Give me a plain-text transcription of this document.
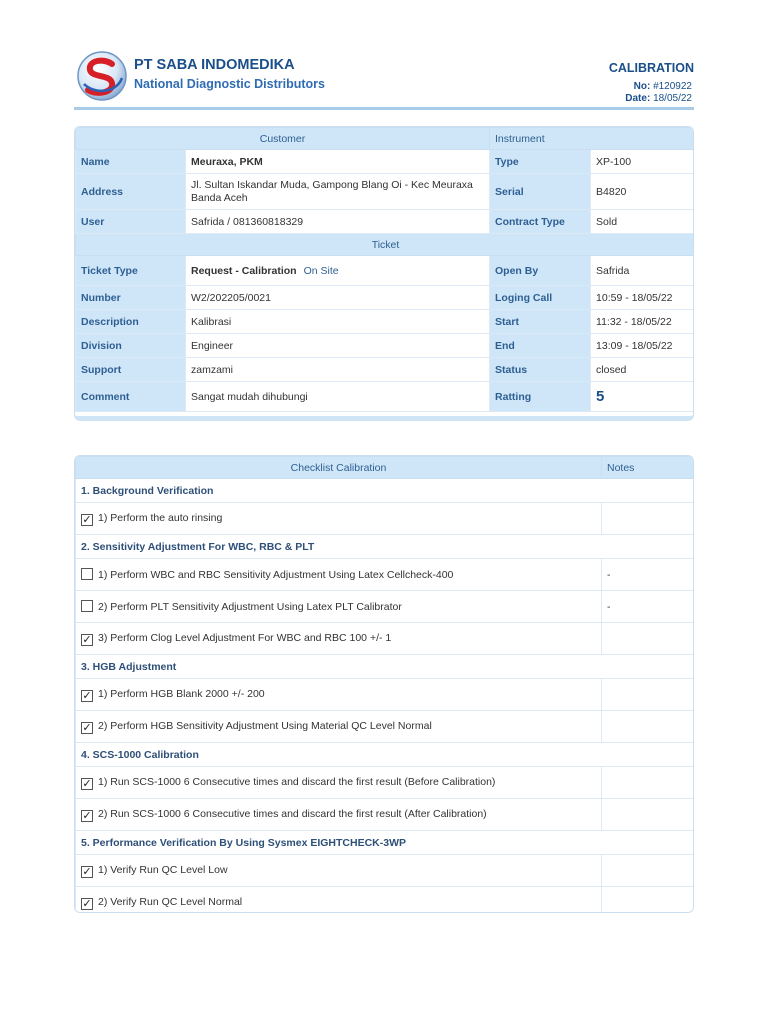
PT SABA INDOMEDIKA
National Diagnostic Distributors
CALIBRATION
No: #120922
Date: 18/05/22
Customer		Instrument	
Name	Meuraxa, PKM	Type	XP-100
Address	Jl. Sultan Iskandar Muda, Gampong Blang Oi - Kec Meuraxa Banda Aceh	Serial	B4820
User	Safrida / 081360818329	Contract Type	Sold
Ticket			
Ticket Type	Request - Calibration On Site	Open By	Safrida
Number	W2/202205/0021	Loging Call	10:59 - 18/05/22
Description	Kalibrasi	Start	11:32 - 18/05/22
Division	Engineer	End	13:09 - 18/05/22
Support	zamzami	Status	closed
Comment	Sangat mudah dihubungi	Ratting	5
Checklist Calibration	Notes
1. Background Verification	
✓ 1) Perform the auto rinsing	
2. Sensitivity Adjustment For WBC, RBC & PLT	
1) Perform WBC and RBC Sensitivity Adjustment Using Latex Cellcheck-400	-
2) Perform PLT Sensitivity Adjustment Using Latex PLT Calibrator	-
✓ 3) Perform Clog Level Adjustment For WBC and RBC 100 +/- 1	
3. HGB Adjustment	
✓ 1) Perform HGB Blank 2000 +/- 200	
✓ 2) Perform HGB Sensitivity Adjustment Using Material QC Level Normal	
4. SCS-1000 Calibration	
✓ 1) Run SCS-1000 6 Consecutive times and discard the first result (Before Calibration)	
✓ 2) Run SCS-1000 6 Consecutive times and discard the first result (After Calibration)	
5. Performance Verification By Using Sysmex EIGHTCHECK-3WP	
✓ 1) Verify Run QC Level Low	
✓ 2) Verify Run QC Level Normal	
